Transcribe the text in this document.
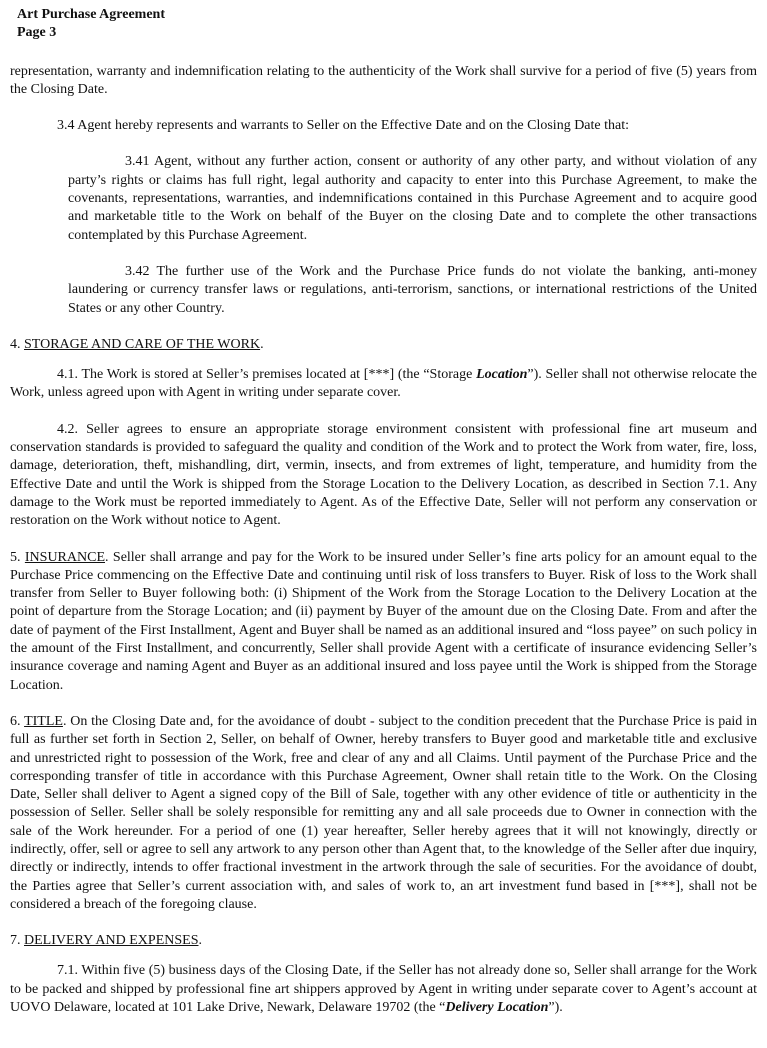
Art Purchase Agreement
Page 3

representation, warranty and indemnification relating to the authenticity of the Work shall survive for a period of five (5) years from the Closing Date.

3.4 Agent hereby represents and warrants to Seller on the Effective Date and on the Closing Date that:

3.41 Agent, without any further action, consent or authority of any other party, and without violation of any party’s rights or claims has full right, legal authority and capacity to enter into this Purchase Agreement, to make the covenants, representations, warranties, and indemnifications contained in this Purchase Agreement and to acquire good and marketable title to the Work on behalf of the Buyer on the closing Date and to complete the other transactions contemplated by this Purchase Agreement.

3.42 The further use of the Work and the Purchase Price funds do not violate the banking, anti-money laundering or currency transfer laws or regulations, anti-terrorism, sanctions, or international restrictions of the United States or any other Country.

4. STORAGE AND CARE OF THE WORK.

4.1. The Work is stored at Seller’s premises located at [***] (the “Storage Location”). Seller shall not otherwise relocate the Work, unless agreed upon with Agent in writing under separate cover.

4.2. Seller agrees to ensure an appropriate storage environment consistent with professional fine art museum and conservation standards is provided to safeguard the quality and condition of the Work and to protect the Work from water, fire, loss, damage, deterioration, theft, mishandling, dirt, vermin, insects, and from extremes of light, temperature, and humidity from the Effective Date and until the Work is shipped from the Storage Location to the Delivery Location, as described in Section 7.1. Any damage to the Work must be reported immediately to Agent. As of the Effective Date, Seller will not perform any conservation or restoration on the Work without notice to Agent.

5. INSURANCE. Seller shall arrange and pay for the Work to be insured under Seller’s fine arts policy for an amount equal to the Purchase Price commencing on the Effective Date and continuing until risk of loss transfers to Buyer. Risk of loss to the Work shall transfer from Seller to Buyer following both: (i) Shipment of the Work from the Storage Location to the Delivery Location at the point of departure from the Storage Location; and (ii) payment by Buyer of the amount due on the Closing Date. From and after the date of payment of the First Installment, Agent and Buyer shall be named as an additional insured and “loss payee” on such policy in the amount of the First Installment, and concurrently, Seller shall provide Agent with a certificate of insurance evidencing Seller’s insurance coverage and naming Agent and Buyer as an additional insured and loss payee until the Work is shipped from the Storage Location.

6. TITLE. On the Closing Date and, for the avoidance of doubt - subject to the condition precedent that the Purchase Price is paid in full as further set forth in Section 2, Seller, on behalf of Owner, hereby transfers to Buyer good and marketable title and exclusive and unrestricted right to possession of the Work, free and clear of any and all Claims. Until payment of the Purchase Price and the corresponding transfer of title in accordance with this Purchase Agreement, Owner shall retain title to the Work. On the Closing Date, Seller shall deliver to Agent a signed copy of the Bill of Sale, together with any other evidence of title or authenticity in the possession of Seller. Seller shall be solely responsible for remitting any and all sale proceeds due to Owner in connection with the sale of the Work hereunder. For a period of one (1) year hereafter, Seller hereby agrees that it will not knowingly, directly or indirectly, offer, sell or agree to sell any artwork to any person other than Agent that, to the knowledge of the Seller after due inquiry, directly or indirectly, intends to offer fractional investment in the artwork through the sale of securities. For the avoidance of doubt, the Parties agree that Seller’s current association with, and sales of work to, an art investment fund based in [***], shall not be considered a breach of the foregoing clause.

7. DELIVERY AND EXPENSES.

7.1. Within five (5) business days of the Closing Date, if the Seller has not already done so, Seller shall arrange for the Work to be packed and shipped by professional fine art shippers approved by Agent in writing under separate cover to Agent’s account at UOVO Delaware, located at 101 Lake Drive, Newark, Delaware 19702 (the “Delivery Location”).
